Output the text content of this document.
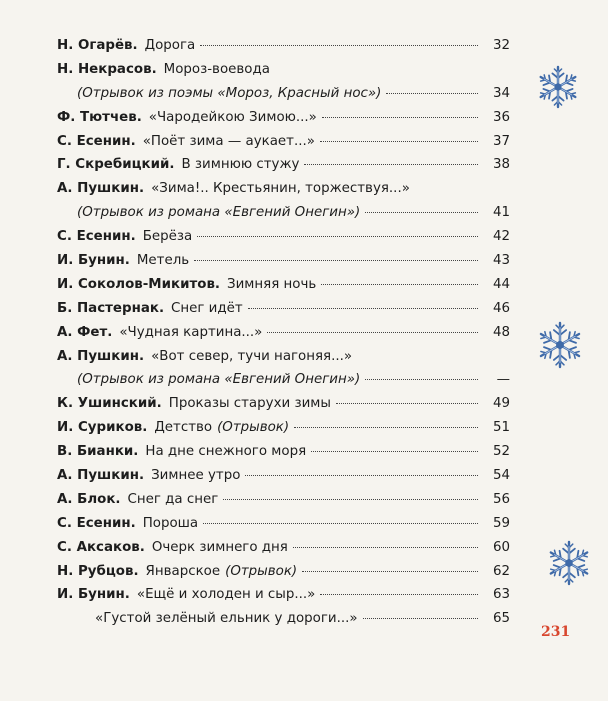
Н. Огарёв. Дорога	32
Н. Некрасов. Мороз-воевода
(Отрывок из поэмы «Мороз, Красный нос»)	34
Ф. Тютчев. «Чародейкою Зимою...»	36
С. Есенин. «Поёт зима — аукает...»	37
Г. Скребицкий. В зимнюю стужу	38
А. Пушкин. «Зима!.. Крестьянин, торжествуя...»
(Отрывок из романа «Евгений Онегин»)	41
С. Есенин. Берёза	42
И. Бунин. Метель	43
И. Соколов-Микитов. Зимняя ночь	44
Б. Пастернак. Снег идёт	46
А. Фет. «Чудная картина...»	48
А. Пушкин. «Вот север, тучи нагоняя...»
(Отрывок из романа «Евгений Онегин»)	—
К. Ушинский. Проказы старухи зимы	49
И. Суриков. Детство (Отрывок)	51
В. Бианки. На дне снежного моря	52
А. Пушкин. Зимнее утро	54
А. Блок. Снег да снег	56
С. Есенин. Пороша	59
С. Аксаков. Очерк зимнего дня	60
Н. Рубцов. Январское (Отрывок)	62
И. Бунин. «Ещё и холоден и сыр...»	63
«Густой зелёный ельник у дороги...»	65
231
